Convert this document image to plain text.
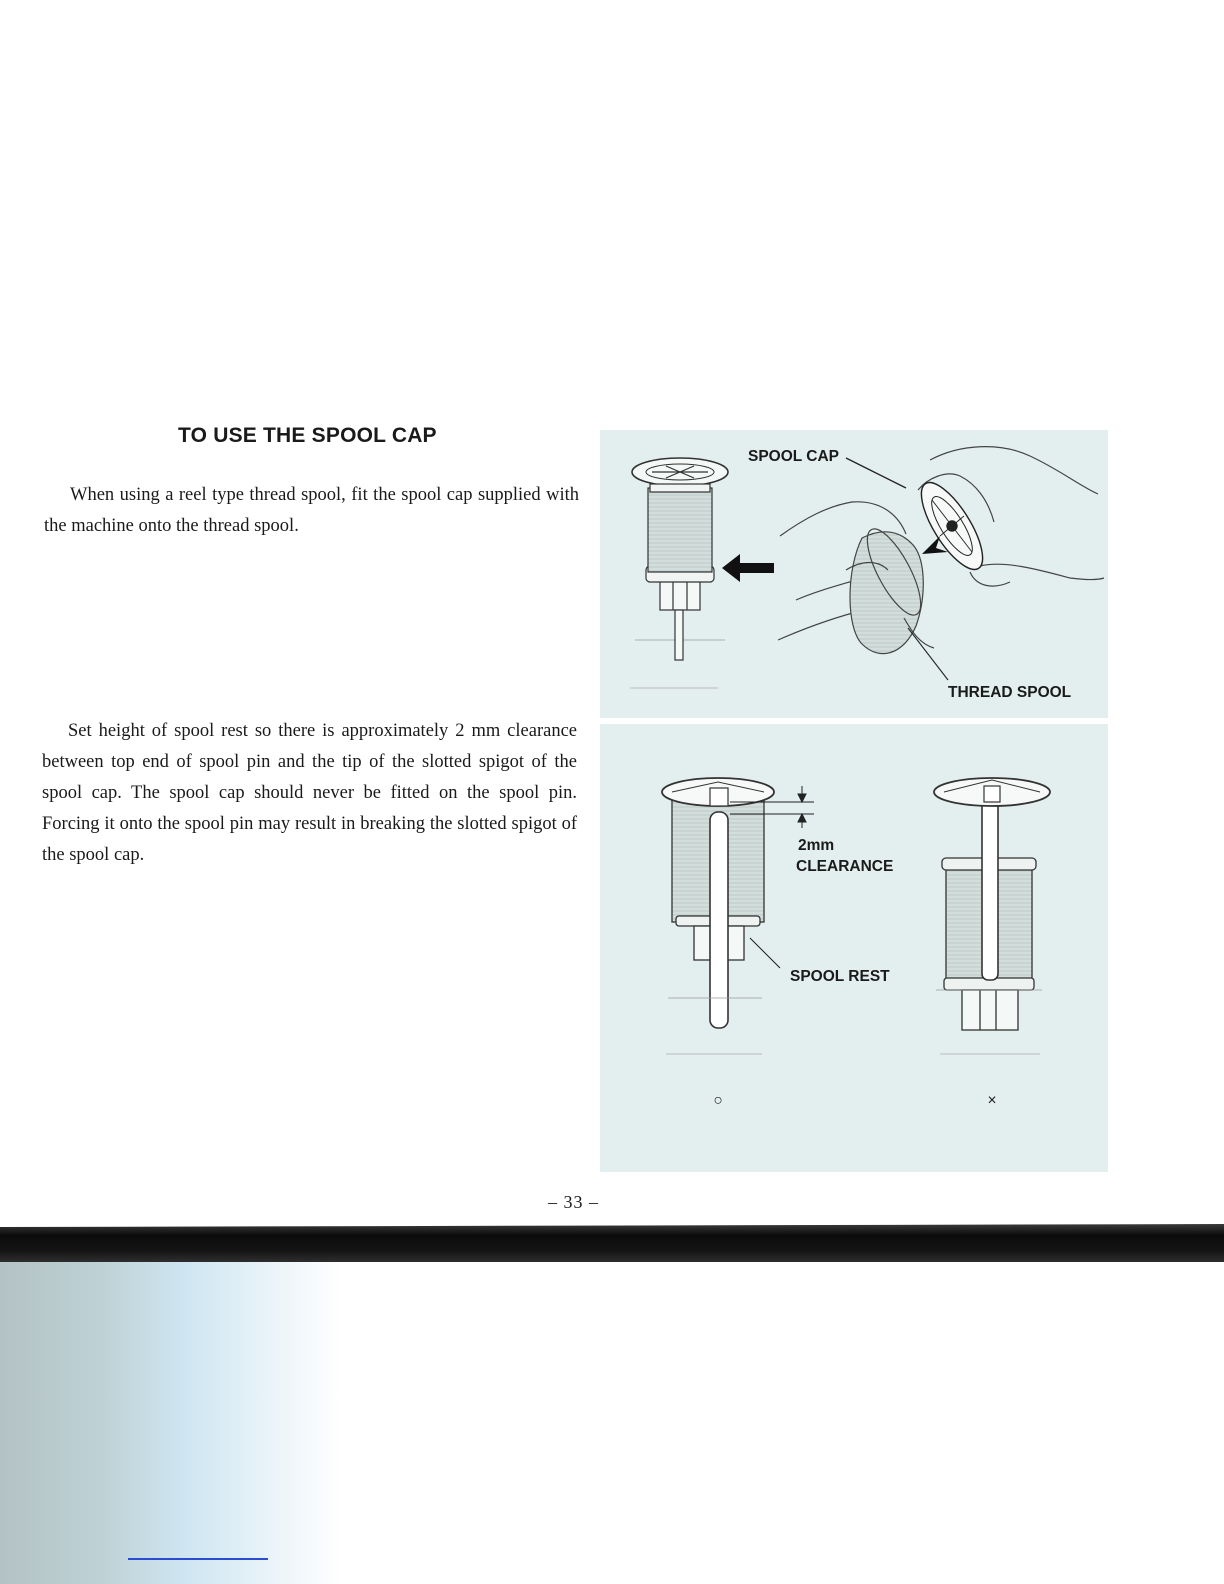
TO USE THE SPOOL CAP

When using a reel type thread spool, fit the spool cap supplied with the machine onto the thread spool.

Set height of spool rest so there is approximately 2 mm clearance between top end of spool pin and the tip of the slotted spigot of the spool cap. The spool cap should never be fitted on the spool pin. Forcing it onto the spool pin may result in breaking the slotted spigot of the spool cap.

SPOOL CAP
THREAD SPOOL
2mm
CLEARANCE
SPOOL REST
○	×
– 33 –
